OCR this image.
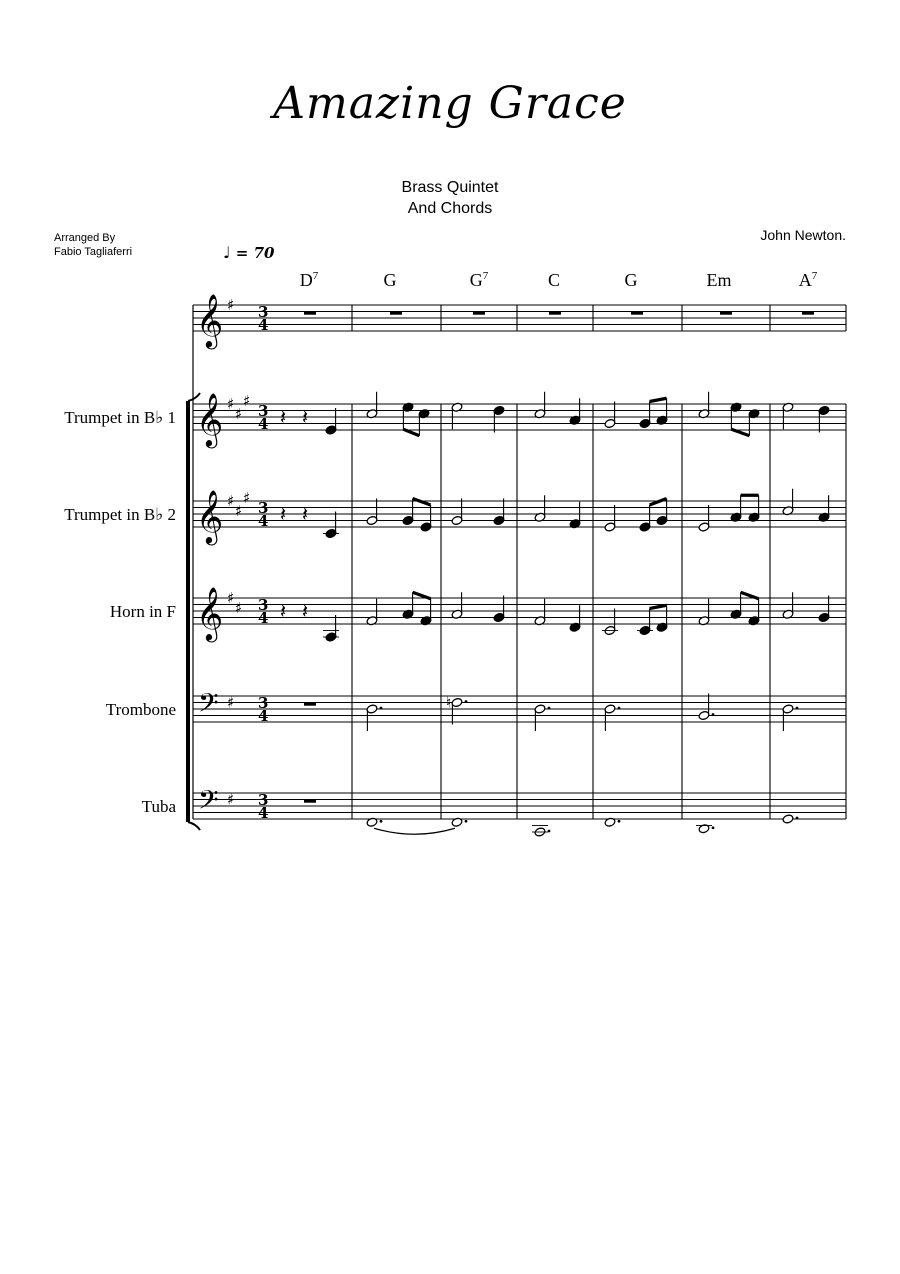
Amazing Grace
Brass Quintet
And Chords
John Newton.
Arranged By
Fabio Tagliaferri	♩ = 70
$D^7$	G	$G^7$	C	G	Em	$A^7$
Trumpet in B♭ 1
Trumpet in B♭ 2
Horn in F
Trombone
Tuba
𝄞 ♯ 3
4
𝄞 ♯
♯
♯
3
4
𝄞 ♯
♯
♯
3
4
𝄞 ♯
♯ 3
4
𝄢 ♯ 3
4
𝄢 ♯ 3
4
𝄽 𝄽
𝄽 𝄽
𝄽 𝄽
♮
